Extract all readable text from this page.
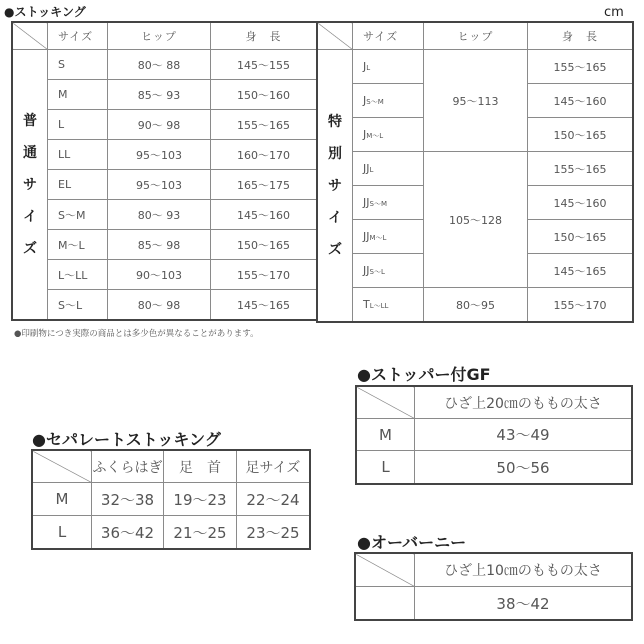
●ストッキング	cm
	サイズ	ヒップ	身　長

普
通
サ
イ
ズ	S	80〜 88	145〜155
	M	85〜 93	150〜160
	L	90〜 98	155〜165
	LL	95〜103	160〜170
	EL	95〜103	165〜175
	S〜M	80〜 93	145〜160
	M〜L	85〜 98	150〜165
	L〜LL	90〜103	155〜170
	S〜L	80〜 98	145〜165
	サイズ	ヒップ	身　長

特
別
サ
イ
ズ	JL	95〜113	155〜165
	JS〜M		145〜160
	JM〜L		150〜165
	JJL	105〜128	155〜165
	JJS〜M		145〜160
	JJM〜L		150〜165
	JJS〜L		145〜165
	TL〜LL	80〜95	155〜170
●印刷物につき実際の商品とは多少色が異なることがあります。
●セパレートストッキング
	ふくらはぎ	足　首	足サイズ
M	32〜38	19〜23	22〜24
L	36〜42	21〜25	23〜25
●ストッパー付GF
	ひざ上20㎝のももの太さ
M	43〜49
L	50〜56
●オーバーニー
	ひざ上10㎝のももの太さ
	38〜42
